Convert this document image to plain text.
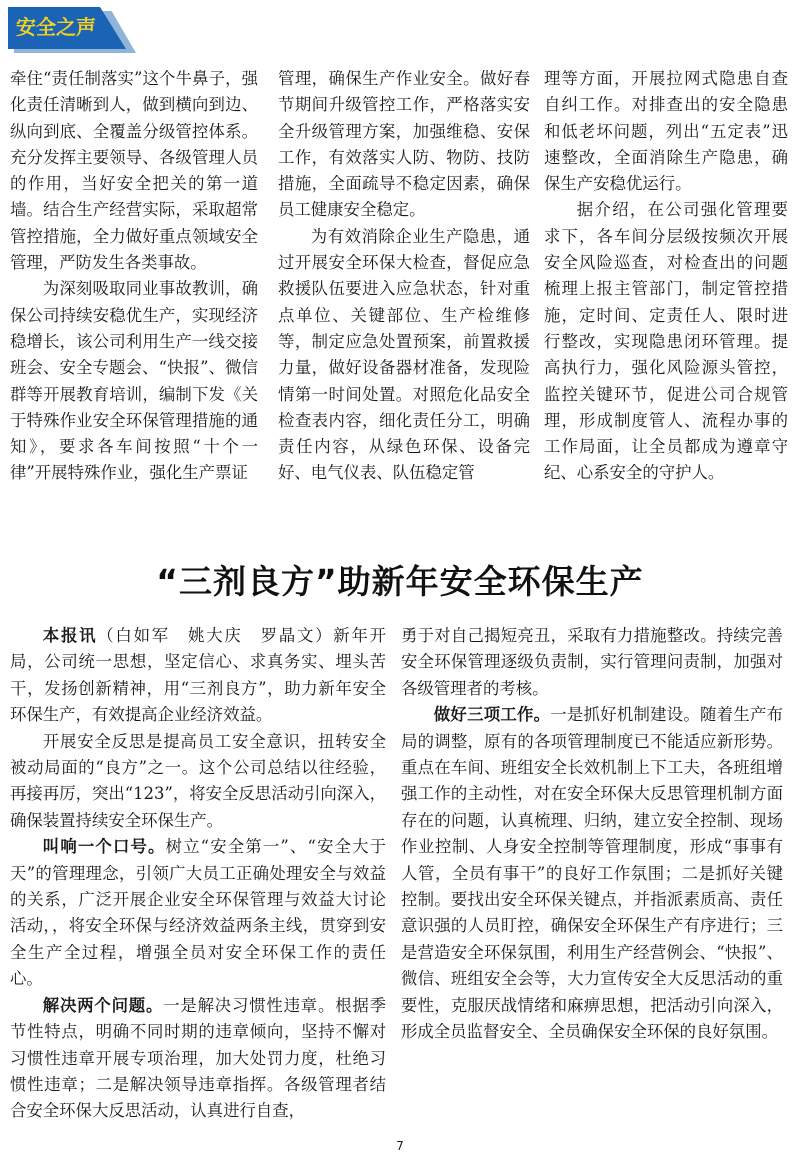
安全之声

牵住“责任制落实”这个牛鼻子，强化责任清晰到人，做到横向到边、纵向到底、全覆盖分级管控体系。充分发挥主要领导、各级管理人员的作用，当好安全把关的第一道墙。结合生产经营实际，采取超常管控措施，全力做好重点领域安全管理，严防发生各类事故。

为深刻吸取同业事故教训，确保公司持续安稳优生产，实现经济稳增长，该公司利用生产一线交接班会、安全专题会、“快报”、微信群等开展教育培训，编制下发《关于特殊作业安全环保管理措施的通知》，要求各车间按照“十个一律”开展特殊作业，强化生产票证

管理，确保生产作业安全。做好春节期间升级管控工作，严格落实安全升级管理方案，加强维稳、安保工作，有效落实人防、物防、技防措施，全面疏导不稳定因素，确保员工健康安全稳定。

为有效消除企业生产隐患，通过开展安全环保大检查，督促应急救援队伍要进入应急状态，针对重点单位、关键部位、生产检维修等，制定应急处置预案，前置救援力量，做好设备器材准备，发现险情第一时间处置。对照危化品安全检查表内容，细化责任分工，明确责任内容，从绿色环保、设备完好、电气仪表、队伍稳定管

理等方面，开展拉网式隐患自查自纠工作。对排查出的安全隐患和低老坏问题，列出“五定表”迅速整改，全面消除生产隐患，确保生产安稳优运行。

据介绍，在公司强化管理要求下，各车间分层级按频次开展安全风险巡查，对检查出的问题梳理上报主管部门，制定管控措施，定时间、定责任人、限时进行整改，实现隐患闭环管理。提高执行力，强化风险源头管控，监控关键环节，促进公司合规管理，形成制度管人、流程办事的工作局面，让全员都成为遵章守纪、心系安全的守护人。

“三剂良方”助新年安全环保生产

本报讯（白如军　姚大庆　罗晶文）新年开局，公司统一思想，坚定信心、求真务实、埋头苦干，发扬创新精神，用“三剂良方”，助力新年安全环保生产，有效提高企业经济效益。

开展安全反思是提高员工安全意识，扭转安全被动局面的“良方”之一。这个公司总结以往经验，再接再厉，突出“123”，将安全反思活动引向深入，确保装置持续安全环保生产。

叫响一个口号。树立“安全第一”、“安全大于天”的管理理念，引领广大员工正确处理安全与效益的关系，广泛开展企业安全环保管理与效益大讨论活动，，将安全环保与经济效益两条主线，贯穿到安全生产全过程，增强全员对安全环保工作的责任心。

解决两个问题。一是解决习惯性违章。根据季节性特点，明确不同时期的违章倾向，坚持不懈对习惯性违章开展专项治理，加大处罚力度，杜绝习惯性违章；二是解决领导违章指挥。各级管理者结合安全环保大反思活动，认真进行自查，

勇于对自己揭短亮丑，采取有力措施整改。持续完善安全环保管理逐级负责制，实行管理问责制，加强对各级管理者的考核。

做好三项工作。一是抓好机制建设。随着生产布局的调整，原有的各项管理制度已不能适应新形势。重点在车间、班组安全长效机制上下工夫，各班组增强工作的主动性，对在安全环保大反思管理机制方面存在的问题，认真梳理、归纳，建立安全控制、现场作业控制、人身安全控制等管理制度，形成“事事有人管，全员有事干”的良好工作氛围；二是抓好关键控制。要找出安全环保关键点，并指派素质高、责任意识强的人员盯控，确保安全环保生产有序进行；三是营造安全环保氛围，利用生产经营例会、“快报”、微信、班组安全会等，大力宣传安全大反思活动的重要性，克服厌战情绪和麻痹思想，把活动引向深入，形成全员监督安全、全员确保安全环保的良好氛围。

7
